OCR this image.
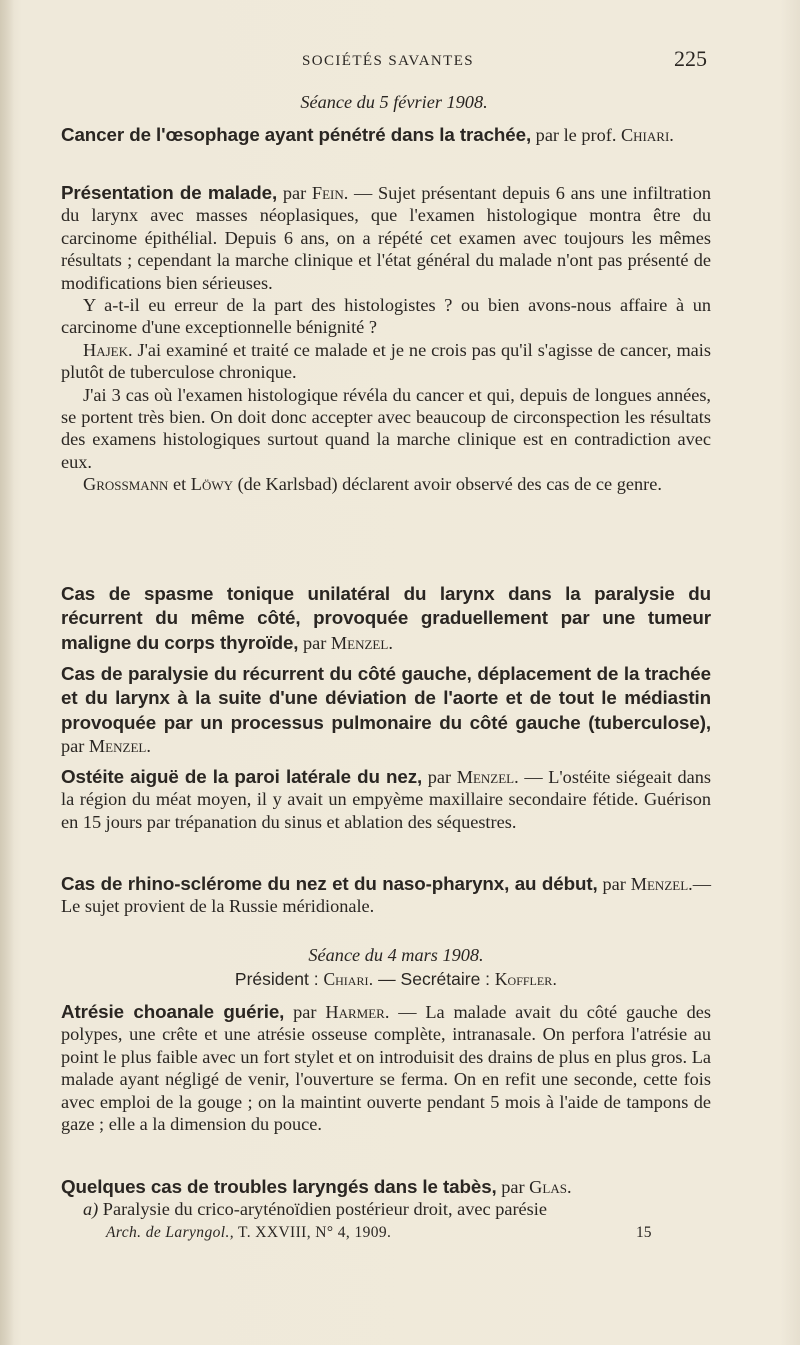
SOCIÉTÉS SAVANTES	225

Séance du 5 février 1908.

Cancer de l'œsophage ayant pénétré dans la trachée, par le prof. Chiari.

Présentation de malade, par Fein. — Sujet présentant depuis 6 ans une infiltration du larynx avec masses néoplasiques, que l'examen histologique montra être du carcinome épithélial. Depuis 6 ans, on a répété cet examen avec toujours les mêmes résultats ; cependant la marche clinique et l'état général du malade n'ont pas présenté de modifications bien sérieuses.

Y a-t-il eu erreur de la part des histologistes ? ou bien avons-nous affaire à un carcinome d'une exceptionnelle bénignité ?

Hajek. J'ai examiné et traité ce malade et je ne crois pas qu'il s'agisse de cancer, mais plutôt de tuberculose chronique.

J'ai 3 cas où l'examen histologique révéla du cancer et qui, depuis de longues années, se portent très bien. On doit donc accepter avec beaucoup de circonspection les résultats des examens histologiques surtout quand la marche clinique est en contradiction avec eux.

Grossmann et Löwy (de Karlsbad) déclarent avoir observé des cas de ce genre.

Cas de spasme tonique unilatéral du larynx dans la paralysie du récurrent du même côté, provoquée graduellement par une tumeur maligne du corps thyroïde, par Menzel.

Cas de paralysie du récurrent du côté gauche, déplacement de la trachée et du larynx à la suite d'une déviation de l'aorte et de tout le médiastin provoquée par un processus pulmonaire du côté gauche (tuberculose), par Menzel.

Ostéite aiguë de la paroi latérale du nez, par Menzel. — L'ostéite siégeait dans la région du méat moyen, il y avait un empyème maxillaire secondaire fétide. Guérison en 15 jours par trépanation du sinus et ablation des séquestres.

Cas de rhino-sclérome du nez et du naso-pharynx, au début, par Menzel.— Le sujet provient de la Russie méridionale.

Séance du 4 mars 1908.

Président : Chiari. — Secrétaire : Koffler.

Atrésie choanale guérie, par Harmer. — La malade avait du côté gauche des polypes, une crête et une atrésie osseuse complète, intranasale. On perfora l'atrésie au point le plus faible avec un fort stylet et on introduisit des drains de plus en plus gros. La malade ayant négligé de venir, l'ouverture se ferma. On en refit une seconde, cette fois avec emploi de la gouge ; on la maintint ouverte pendant 5 mois à l'aide de tampons de gaze ; elle a la dimension du pouce.

Quelques cas de troubles laryngés dans le tabès, par Glas.

a) Paralysie du crico-aryténoïdien postérieur droit, avec parésie

Arch. de Laryngol., T. XXVIII, N° 4, 1909.	15
